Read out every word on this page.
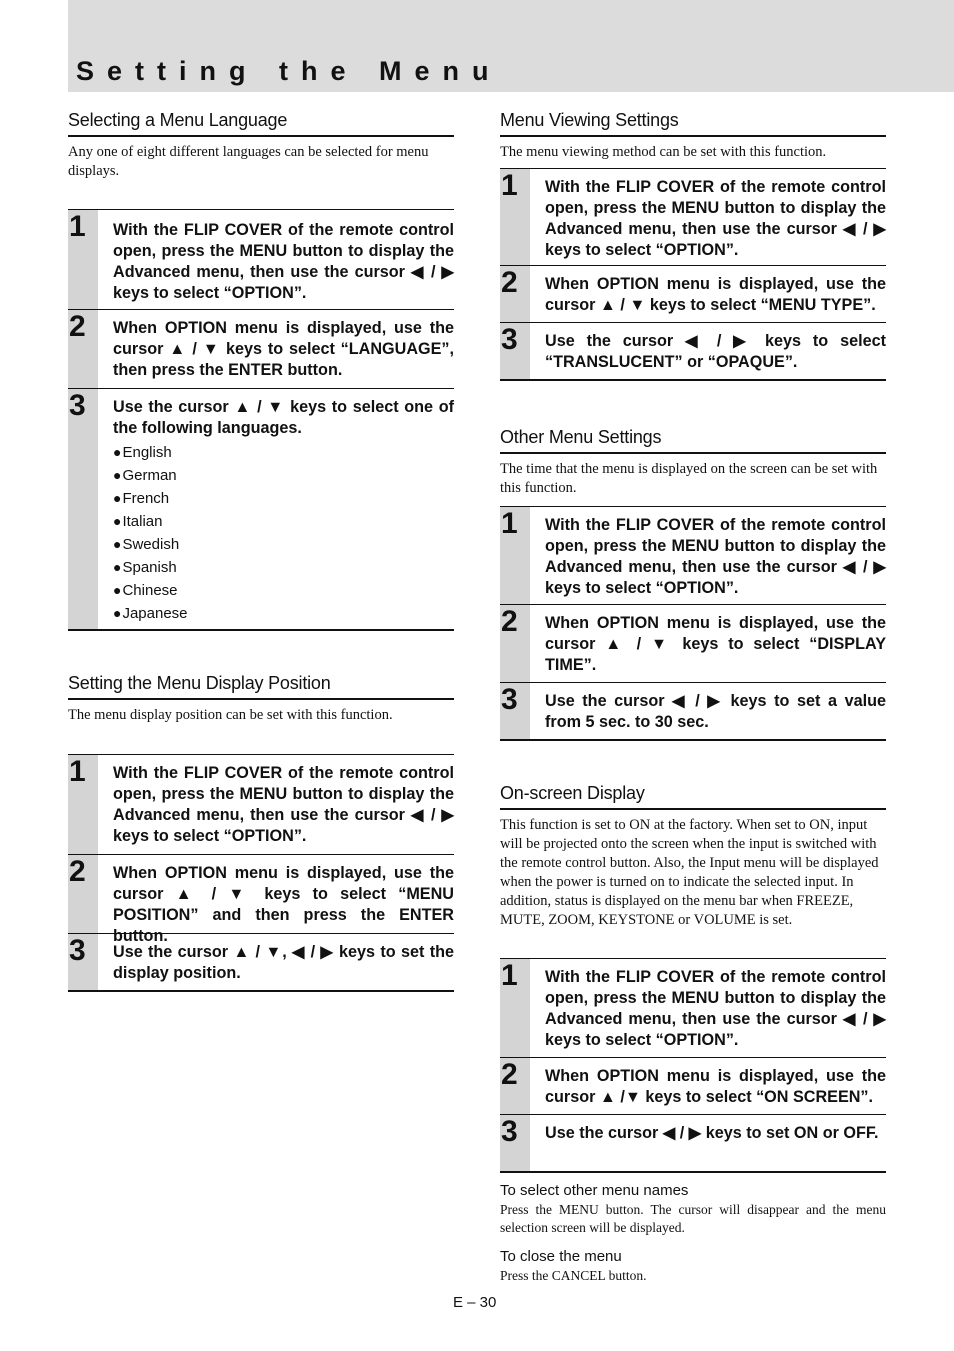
Setting the Menu
Selecting a Menu Language

Any one of eight different languages can be selected for menu displays.

1	With the FLIP COVER of the remote control open, press the MENU button to display the Advanced menu, then use the cursor ◀ / ▶ keys to select “OPTION”.
2	When OPTION menu is displayed, use the cursor ▲ / ▼ keys to select “LANGUAGE”, then press the ENTER button.
3	Use the cursor ▲ / ▼ keys to select one of the following languages.
●English
●German
●French
●Italian
●Swedish
●Spanish
●Chinese
●Japanese
Setting the Menu Display Position

The menu display position can be set with this function.

1	With the FLIP COVER of the remote control open, press the MENU button to display the Advanced menu, then use the cursor ◀ / ▶ keys to select “OPTION”.
2	When OPTION menu is displayed, use the cursor ▲ / ▼ keys to select “MENU POSITION” and then press the ENTER button.
3	Use the cursor ▲ / ▼, ◀ / ▶ keys to set the display position.
Menu Viewing Settings

The menu viewing method can be set with this function.

1	With the FLIP COVER of the remote control open, press the MENU button to display the Advanced menu, then use the cursor ◀ / ▶ keys to select “OPTION”.
2	When OPTION menu is displayed, use the cursor ▲ / ▼ keys to select “MENU TYPE”.
3	Use the cursor ◀ / ▶ keys to select “TRANSLUCENT” or “OPAQUE”.
Other Menu Settings

The time that the menu is displayed on the screen can be set with this function.

1	With the FLIP COVER of the remote control open, press the MENU button to display the Advanced menu, then use the cursor ◀ / ▶ keys to select “OPTION”.
2	When OPTION menu is displayed, use the cursor ▲ / ▼ keys to select “DISPLAY TIME”.
3	Use the cursor ◀ / ▶ keys to set a value from 5 sec. to 30 sec.
On-screen Display

This function is set to ON at the factory. When set to ON, input will be projected onto the screen when the input is switched with the remote control button. Also, the Input menu will be displayed when the power is turned on to indicate the selected input. In addition, status is displayed on the menu bar when FREEZE, MUTE, ZOOM, KEYSTONE or VOLUME is set.

1	With the FLIP COVER of the remote control open, press the MENU button to display the Advanced menu, then use the cursor ◀ / ▶ keys to select “OPTION”.
2	When OPTION menu is displayed, use the cursor ▲ /▼ keys to select “ON SCREEN”.
3	Use the cursor ◀ / ▶ keys to set ON or OFF.
To select other menu names

Press the MENU button. The cursor will disappear and the menu selection screen will be displayed.

To close the menu

Press the CANCEL button.

E – 30
